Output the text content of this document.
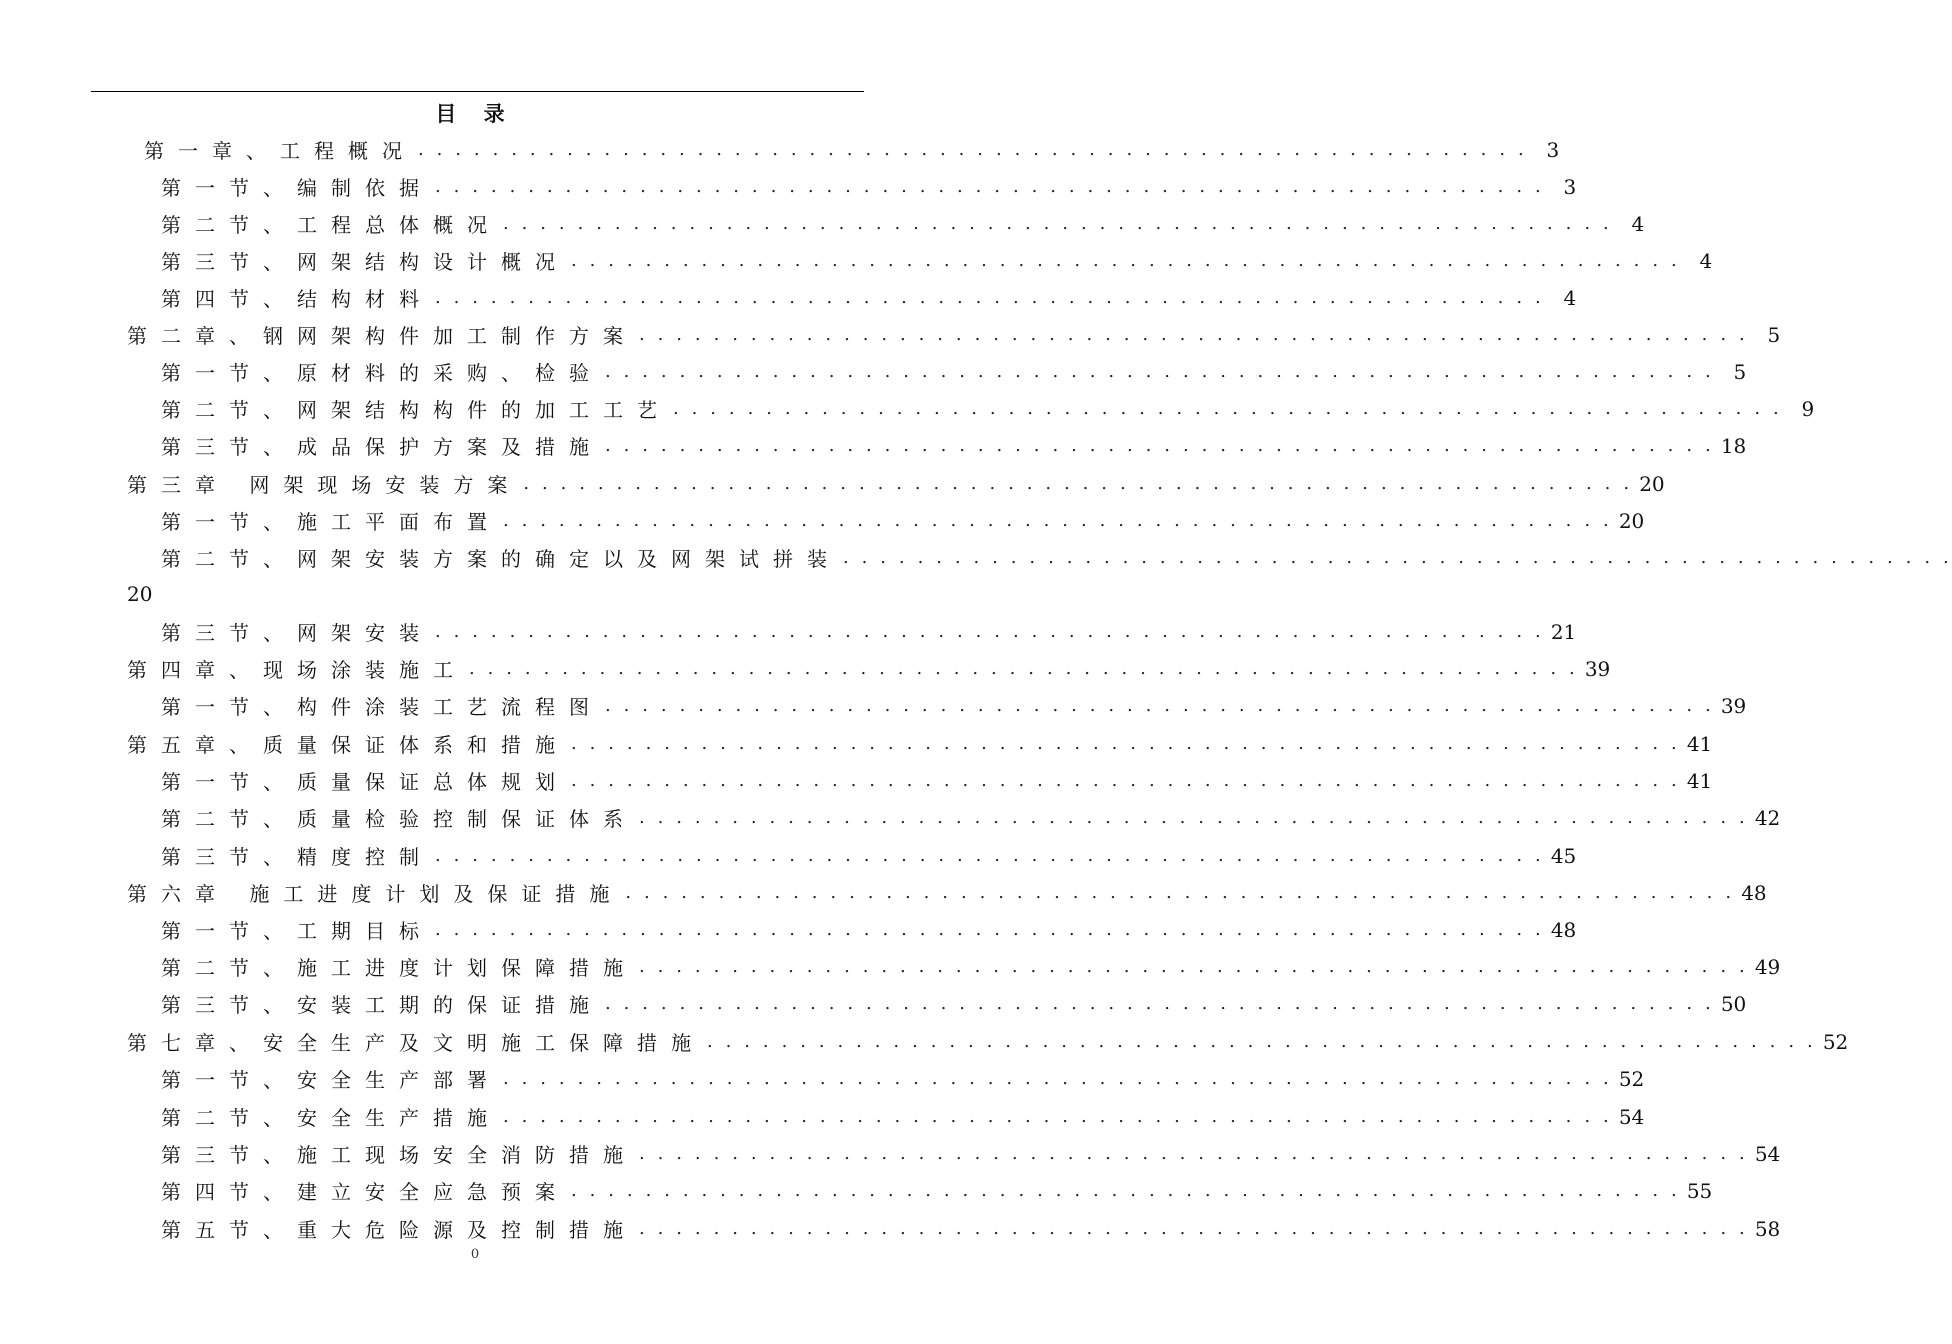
目 录
第一章、工程概况 . . . . . . . . . . . . . . . . . . . . . . . . . . . . . . . . . . . . . . . . . . . . . . . . . . . . . . . . . . . . 3
第一节、编制依据 . . . . . . . . . . . . . . . . . . . . . . . . . . . . . . . . . . . . . . . . . . . . . . . . . . . . . . . . . . . . 3
第二节、工程总体概况 . . . . . . . . . . . . . . . . . . . . . . . . . . . . . . . . . . . . . . . . . . . . . . . . . . . . . . . . . . . . 4
第三节、网架结构设计概况 . . . . . . . . . . . . . . . . . . . . . . . . . . . . . . . . . . . . . . . . . . . . . . . . . . . . . . . . . . . . 4
第四节、结构材料 . . . . . . . . . . . . . . . . . . . . . . . . . . . . . . . . . . . . . . . . . . . . . . . . . . . . . . . . . . . . 4
第二章、钢网架构件加工制作方案 . . . . . . . . . . . . . . . . . . . . . . . . . . . . . . . . . . . . . . . . . . . . . . . . . . . . . . . . . . . . 5
第一节、原材料的采购、检验 . . . . . . . . . . . . . . . . . . . . . . . . . . . . . . . . . . . . . . . . . . . . . . . . . . . . . . . . . . . . 5
第二节、网架结构构件的加工工艺 . . . . . . . . . . . . . . . . . . . . . . . . . . . . . . . . . . . . . . . . . . . . . . . . . . . . . . . . . . . . 9
第三节、成品保护方案及措施 . . . . . . . . . . . . . . . . . . . . . . . . . . . . . . . . . . . . . . . . . . . . . . . . . . . . . . . . . . . . 18
第三章 网架现场安装方案 . . . . . . . . . . . . . . . . . . . . . . . . . . . . . . . . . . . . . . . . . . . . . . . . . . . . . . . . . . . . 20
第一节、施工平面布置 . . . . . . . . . . . . . . . . . . . . . . . . . . . . . . . . . . . . . . . . . . . . . . . . . . . . . . . . . . . . 20
第二节、网架安装方案的确定以及网架试拼装 . . . . . . . . . . . . . . . . . . . . . . . . . . . . . . . . . . . . . . . . . . . . . . . . . . . . . . . . . . . .
20
第三节、网架安装 . . . . . . . . . . . . . . . . . . . . . . . . . . . . . . . . . . . . . . . . . . . . . . . . . . . . . . . . . . . . 21
第四章、现场涂装施工 . . . . . . . . . . . . . . . . . . . . . . . . . . . . . . . . . . . . . . . . . . . . . . . . . . . . . . . . . . . . 39
第一节、构件涂装工艺流程图 . . . . . . . . . . . . . . . . . . . . . . . . . . . . . . . . . . . . . . . . . . . . . . . . . . . . . . . . . . . . 39
第五章、质量保证体系和措施 . . . . . . . . . . . . . . . . . . . . . . . . . . . . . . . . . . . . . . . . . . . . . . . . . . . . . . . . . . . . 41
第一节、质量保证总体规划 . . . . . . . . . . . . . . . . . . . . . . . . . . . . . . . . . . . . . . . . . . . . . . . . . . . . . . . . . . . . 41
第二节、质量检验控制保证体系 . . . . . . . . . . . . . . . . . . . . . . . . . . . . . . . . . . . . . . . . . . . . . . . . . . . . . . . . . . . . 42
第三节、精度控制 . . . . . . . . . . . . . . . . . . . . . . . . . . . . . . . . . . . . . . . . . . . . . . . . . . . . . . . . . . . . 45
第六章 施工进度计划及保证措施 . . . . . . . . . . . . . . . . . . . . . . . . . . . . . . . . . . . . . . . . . . . . . . . . . . . . . . . . . . . . 48
第一节、工期目标 . . . . . . . . . . . . . . . . . . . . . . . . . . . . . . . . . . . . . . . . . . . . . . . . . . . . . . . . . . . . 48
第二节、施工进度计划保障措施 . . . . . . . . . . . . . . . . . . . . . . . . . . . . . . . . . . . . . . . . . . . . . . . . . . . . . . . . . . . . 49
第三节、安装工期的保证措施 . . . . . . . . . . . . . . . . . . . . . . . . . . . . . . . . . . . . . . . . . . . . . . . . . . . . . . . . . . . . 50
第七章、安全生产及文明施工保障措施 . . . . . . . . . . . . . . . . . . . . . . . . . . . . . . . . . . . . . . . . . . . . . . . . . . . . . . . . . . . . 52
第一节、安全生产部署 . . . . . . . . . . . . . . . . . . . . . . . . . . . . . . . . . . . . . . . . . . . . . . . . . . . . . . . . . . . . 52
第二节、安全生产措施 . . . . . . . . . . . . . . . . . . . . . . . . . . . . . . . . . . . . . . . . . . . . . . . . . . . . . . . . . . . . 54
第三节、施工现场安全消防措施 . . . . . . . . . . . . . . . . . . . . . . . . . . . . . . . . . . . . . . . . . . . . . . . . . . . . . . . . . . . . 54
第四节、建立安全应急预案 . . . . . . . . . . . . . . . . . . . . . . . . . . . . . . . . . . . . . . . . . . . . . . . . . . . . . . . . . . . . 55
第五节、重大危险源及控制措施 . . . . . . . . . . . . . . . . . . . . . . . . . . . . . . . . . . . . . . . . . . . . . . . . . . . . . . . . . . . . 58
0
